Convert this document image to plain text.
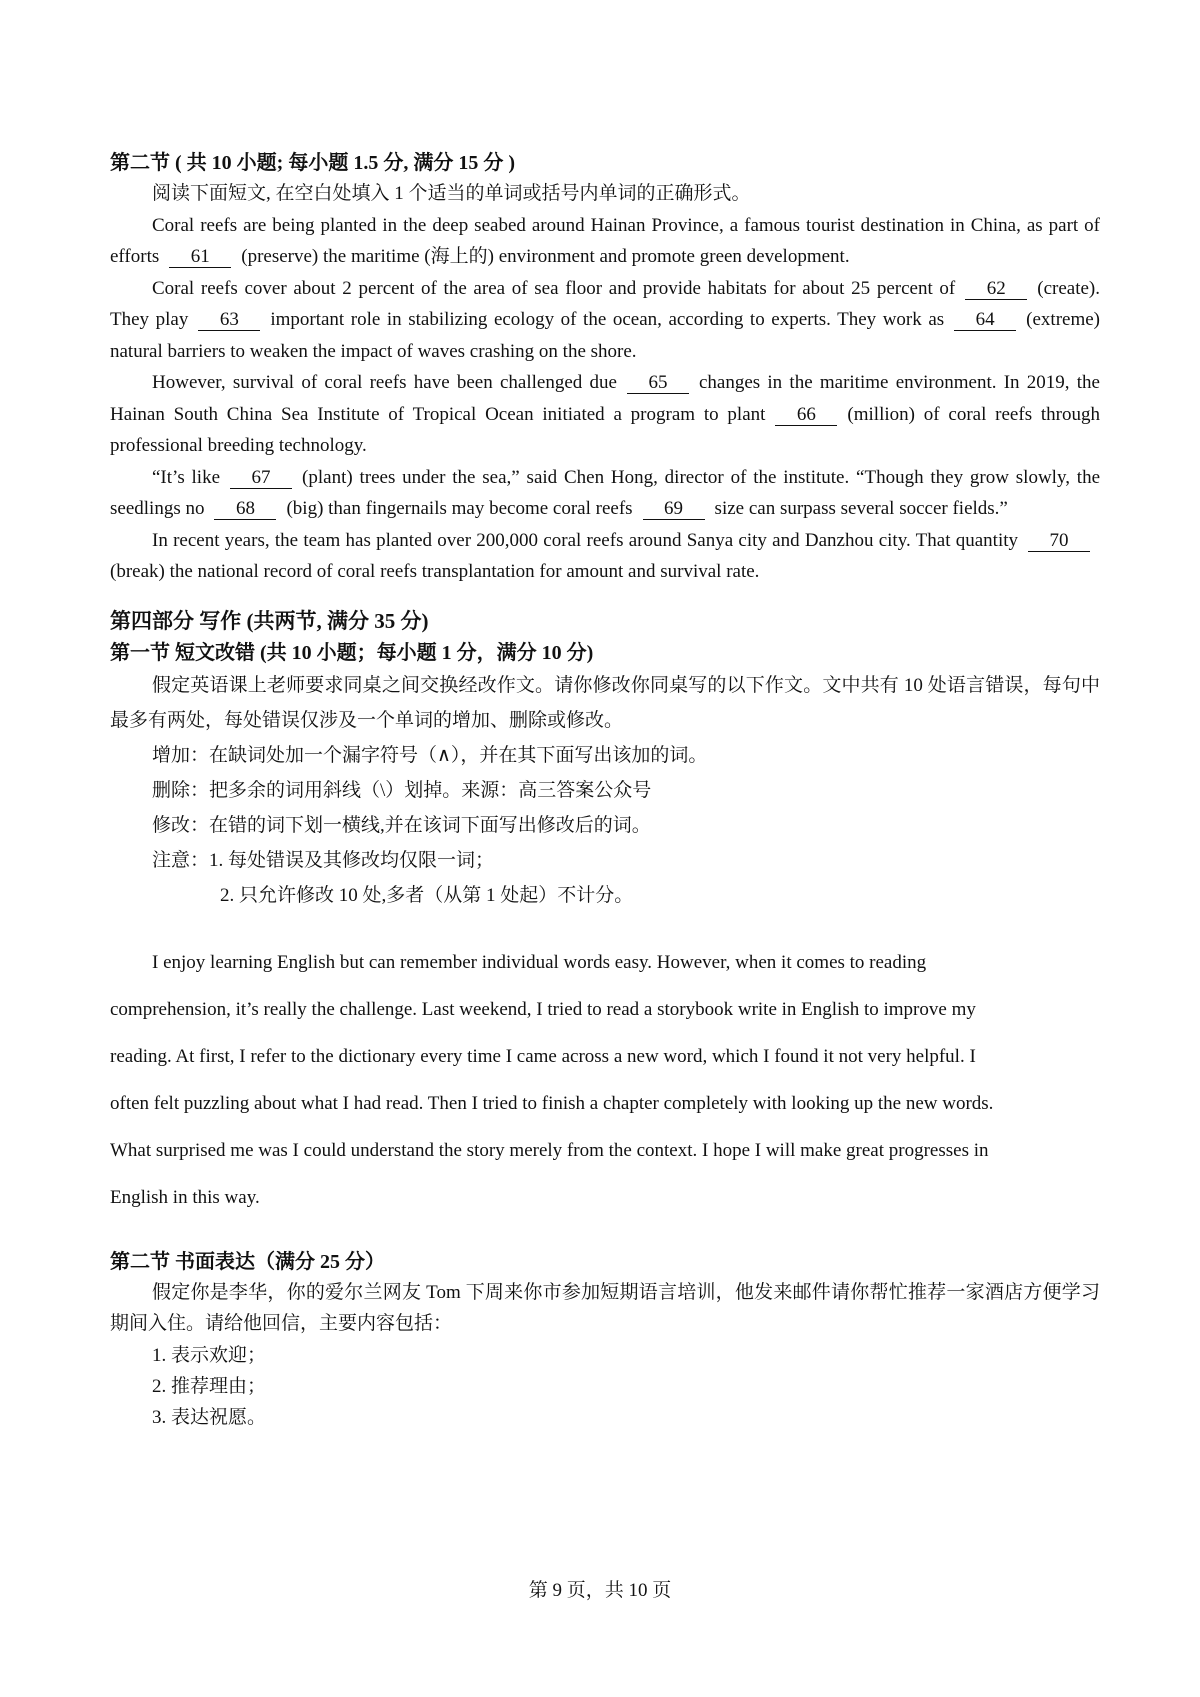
第二节 ( 共 10 小题; 每小题 1.5 分, 满分 15 分 )

阅读下面短文, 在空白处填入 1 个适当的单词或括号内单词的正确形式。

Coral reefs are being planted in the deep seabed around Hainan Province, a famous tourist destination in China, as part of efforts 61 (preserve) the maritime (海上的) environment and promote green development.

Coral reefs cover about 2 percent of the area of sea floor and provide habitats for about 25 percent of 62 (create). They play 63 important role in stabilizing ecology of the ocean, according to experts. They work as 64 (extreme) natural barriers to weaken the impact of waves crashing on the shore.

However, survival of coral reefs have been challenged due 65 changes in the maritime environment. In 2019, the Hainan South China Sea Institute of Tropical Ocean initiated a program to plant 66 (million) of coral reefs through professional breeding technology.

“It’s like 67 (plant) trees under the sea,” said Chen Hong, director of the institute. “Though they grow slowly, the seedlings no 68 (big) than fingernails may become coral reefs 69 size can surpass several soccer fields.”

In recent years, the team has planted over 200,000 coral reefs around Sanya city and Danzhou city. That quantity 70(break) the national record of coral reefs transplantation for amount and survival rate.

第四部分 写作 (共两节, 满分 35 分)

第一节 短文改错 (共 10 小题；每小题 1 分，满分 10 分)

假定英语课上老师要求同桌之间交换经改作文。请你修改你同桌写的以下作文。文中共有 10 处语言错误，每句中最多有两处，每处错误仅涉及一个单词的增加、删除或修改。

增加：在缺词处加一个漏字符号（∧），并在其下面写出该加的词。

删除：把多余的词用斜线（\）划掉。来源：高三答案公众号

修改：在错的词下划一横线,并在该词下面写出修改后的词。

注意：1. 每处错误及其修改均仅限一词；

2. 只允许修改 10 处,多者（从第 1 处起）不计分。

I enjoy learning English but can remember individual words easy. However, when it comes to reading

comprehension, it’s really the challenge. Last weekend, I tried to read a storybook write in English to improve my

reading. At first, I refer to the dictionary every time I came across a new word, which I found it not very helpful. I

often felt puzzling about what I had read. Then I tried to finish a chapter completely with looking up the new words.

What surprised me was I could understand the story merely from the context. I hope I will make great progresses in

English in this way.

第二节 书面表达（满分 25 分）

假定你是李华，你的爱尔兰网友 Tom 下周来你市参加短期语言培训，他发来邮件请你帮忙推荐一家酒店方便学习期间入住。请给他回信，主要内容包括：

1. 表示欢迎；

2. 推荐理由；

3. 表达祝愿。

第 9 页，共 10 页
